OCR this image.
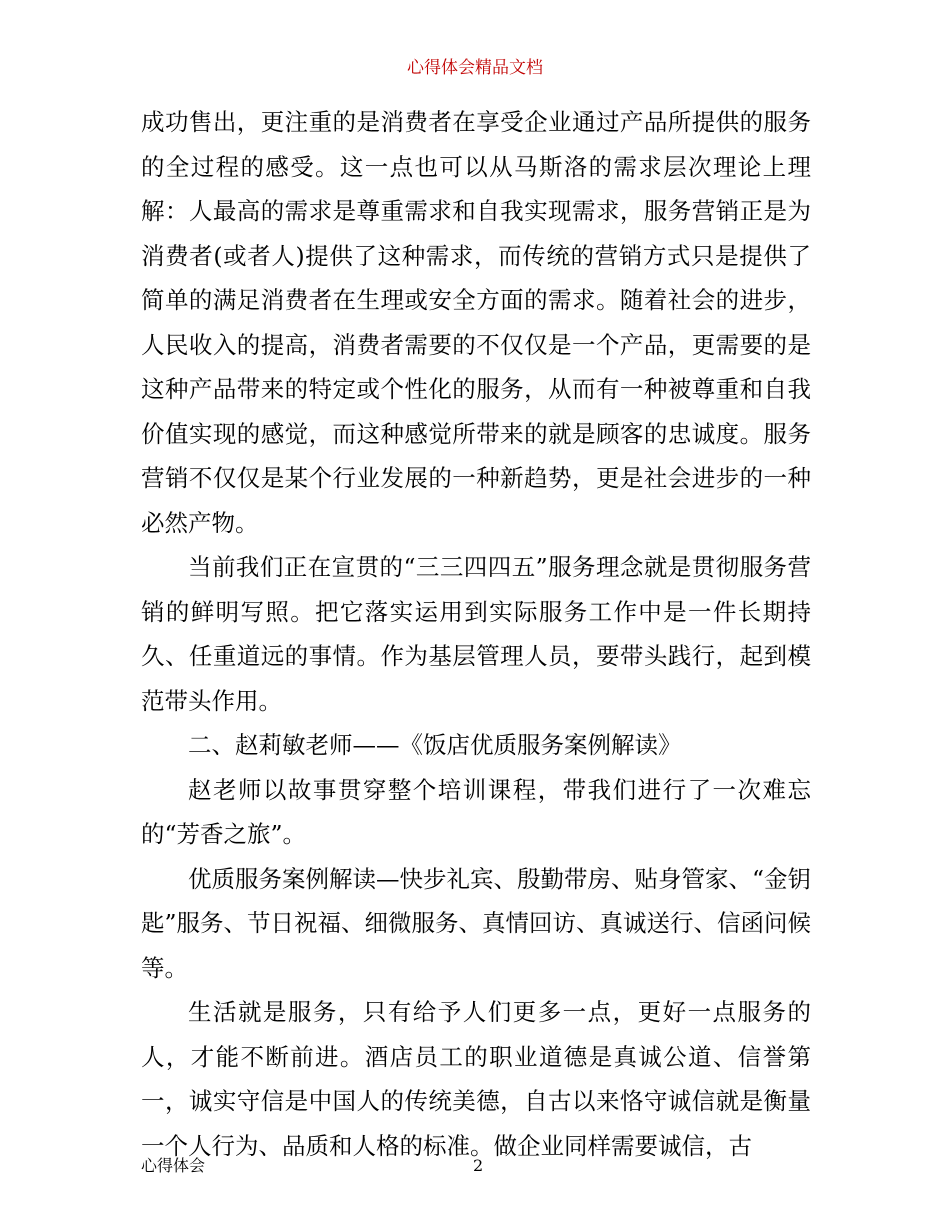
心得体会精品文档

成功售出，更注重的是消费者在享受企业通过产品所提供的服务的全过程的感受。这一点也可以从马斯洛的需求层次理论上理解：人最高的需求是尊重需求和自我实现需求，服务营销正是为消费者(或者人)提供了这种需求，而传统的营销方式只是提供了简单的满足消费者在生理或安全方面的需求。随着社会的进步，人民收入的提高，消费者需要的不仅仅是一个产品，更需要的是这种产品带来的特定或个性化的服务，从而有一种被尊重和自我价值实现的感觉，而这种感觉所带来的就是顾客的忠诚度。服务营销不仅仅是某个行业发展的一种新趋势，更是社会进步的一种必然产物。

当前我们正在宣贯的“三三四四五”服务理念就是贯彻服务营销的鲜明写照。把它落实运用到实际服务工作中是一件长期持久、任重道远的事情。作为基层管理人员，要带头践行，起到模范带头作用。

二、赵莉敏老师——《饭店优质服务案例解读》

赵老师以故事贯穿整个培训课程，带我们进行了一次难忘的“芳香之旅”。

优质服务案例解读—快步礼宾、殷勤带房、贴身管家、“金钥匙”服务、节日祝福、细微服务、真情回访、真诚送行、信函问候等。

生活就是服务，只有给予人们更多一点，更好一点服务的人，才能不断前进。酒店员工的职业道德是真诚公道、信誉第一，诚实守信是中国人的传统美德，自古以来恪守诚信就是衡量一个人行为、品质和人格的标准。做企业同样需要诚信，古

心得体会	2
